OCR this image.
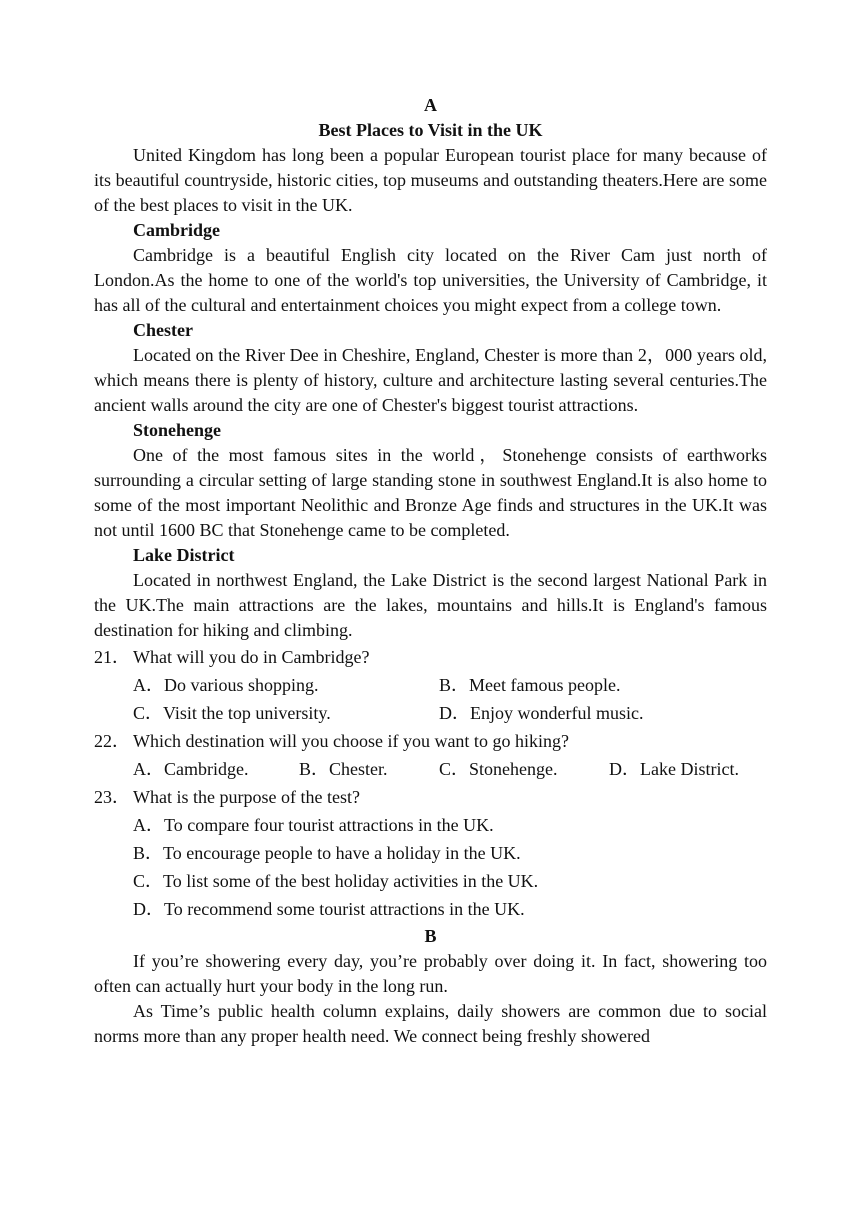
A
Best Places to Visit in the UK

United Kingdom has long been a popular European tourist place for many because of its beautiful countryside, historic cities, top museums and outstanding theaters.Here are some of the best places to visit in the UK.

Cambridge

Cambridge is a beautiful English city located on the River Cam just north of London.As the home to one of the world's top universities, the University of Cambridge, it has all of the cultural and entertainment choices you might expect from a college town.

Chester

Located on the River Dee in Cheshire, England, Chester is more than 2，000 years old, which means there is plenty of history, culture and architecture lasting several centuries.The ancient walls around the city are one of Chester's biggest tourist attractions.

Stonehenge

One of the most famous sites in the world，Stonehenge consists of earthworks surrounding a circular setting of large standing stone in southwest England.It is also home to some of the most important Neolithic and Bronze Age finds and structures in the UK.It was not until 1600 BC that Stonehenge came to be completed.

Lake District

Located in northwest England, the Lake District is the second largest National Park in the UK.The main attractions are the lakes, mountains and hills.It is England's famous destination for hiking and climbing.

21． What will you do in Cambridge?
A．Do various shopping.	B．Meet famous people.
C．Visit the top university.	D．Enjoy wonderful music.
22． Which destination will you choose if you want to go hiking?
A．Cambridge.	B．Chester.	C．Stonehenge.	D．Lake District.
23． What is the purpose of the test?
A．To compare four tourist attractions in the UK.
B．To encourage people to have a holiday in the UK.
C．To list some of the best holiday activities in the UK.
D．To recommend some tourist attractions in the UK.
B

If you’re showering every day, you’re probably over doing it. In fact, showering too often can actually hurt your body in the long run.

As Time’s public health column explains, daily showers are common due to social norms more than any proper health need. We connect being freshly showered
